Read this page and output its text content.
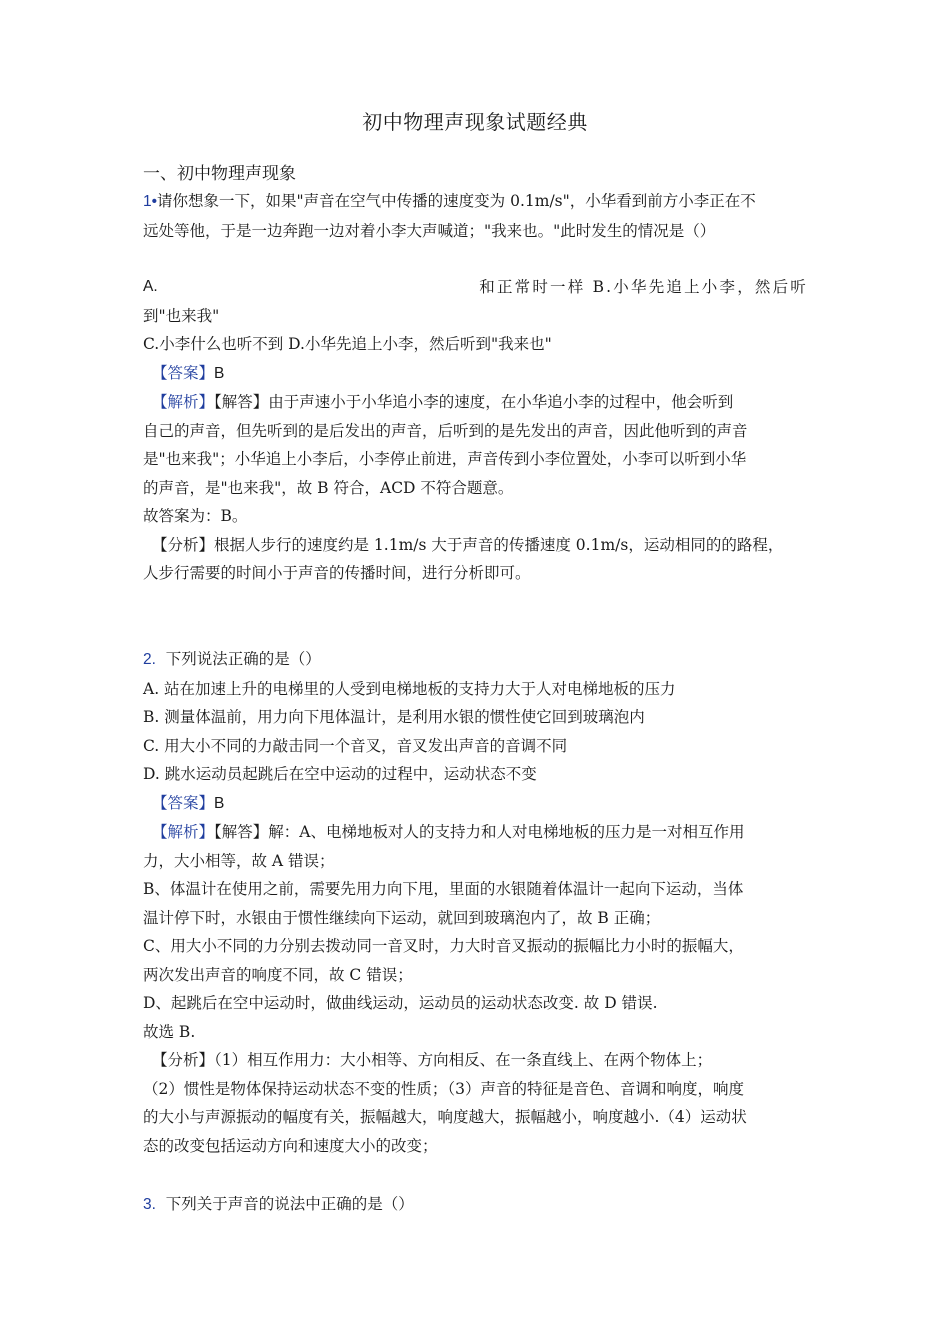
初中物理声现象试题经典
一、初中物理声现象
1•请你想象一下，如果"声音在空气中传播的速度变为 0.1m/s"，小华看到前方小李正在不
远处等他，于是一边奔跑一边对着小李大声喊道；"我来也。"此时发生的情况是（）
A.	和正常时一样 B.小华先追上小李，然后听
到"也来我"
C.小李什么也听不到 D.小华先追上小李，然后听到"我来也"
【答案】B
【解析】【解答】由于声速小于小华追小李的速度，在小华追小李的过程中，他会听到
自己的声音，但先听到的是后发出的声音，后听到的是先发出的声音，因此他听到的声音
是"也来我"；小华追上小李后，小李停止前进，声音传到小李位置处，小李可以听到小华
的声音，是"也来我"，故 B 符合，ACD 不符合题意。
故答案为：B。
【分析】根据人步行的速度约是 1.1m/s 大于声音的传播速度 0.1m/s，运动相同的的路程，
人步行需要的时间小于声音的传播时间，进行分析即可。
2. 下列说法正确的是（）
A. 站在加速上升的电梯里的人受到电梯地板的支持力大于人对电梯地板的压力
B. 测量体温前，用力向下甩体温计，是利用水银的惯性使它回到玻璃泡内
C. 用大小不同的力敲击同一个音叉，音叉发出声音的音调不同
D. 跳水运动员起跳后在空中运动的过程中，运动状态不变
【答案】B
【解析】【解答】解：A、电梯地板对人的支持力和人对电梯地板的压力是一对相互作用
力，大小相等，故 A 错误；
B、体温计在使用之前，需要先用力向下甩，里面的水银随着体温计一起向下运动，当体
温计停下时，水银由于惯性继续向下运动，就回到玻璃泡内了，故 B 正确；
C、用大小不同的力分别去拨动同一音叉时，力大时音叉振动的振幅比力小时的振幅大，
两次发出声音的响度不同，故 C 错误；
D、起跳后在空中运动时，做曲线运动，运动员的运动状态改变. 故 D 错误.
故选 B.
【分析】（1）相互作用力：大小相等、方向相反、在一条直线上、在两个物体上；
（2）惯性是物体保持运动状态不变的性质；（3）声音的特征是音色、音调和响度，响度
的大小与声源振动的幅度有关，振幅越大，响度越大，振幅越小，响度越小.（4）运动状
态的改变包括运动方向和速度大小的改变；
3. 下列关于声音的说法中正确的是（）
